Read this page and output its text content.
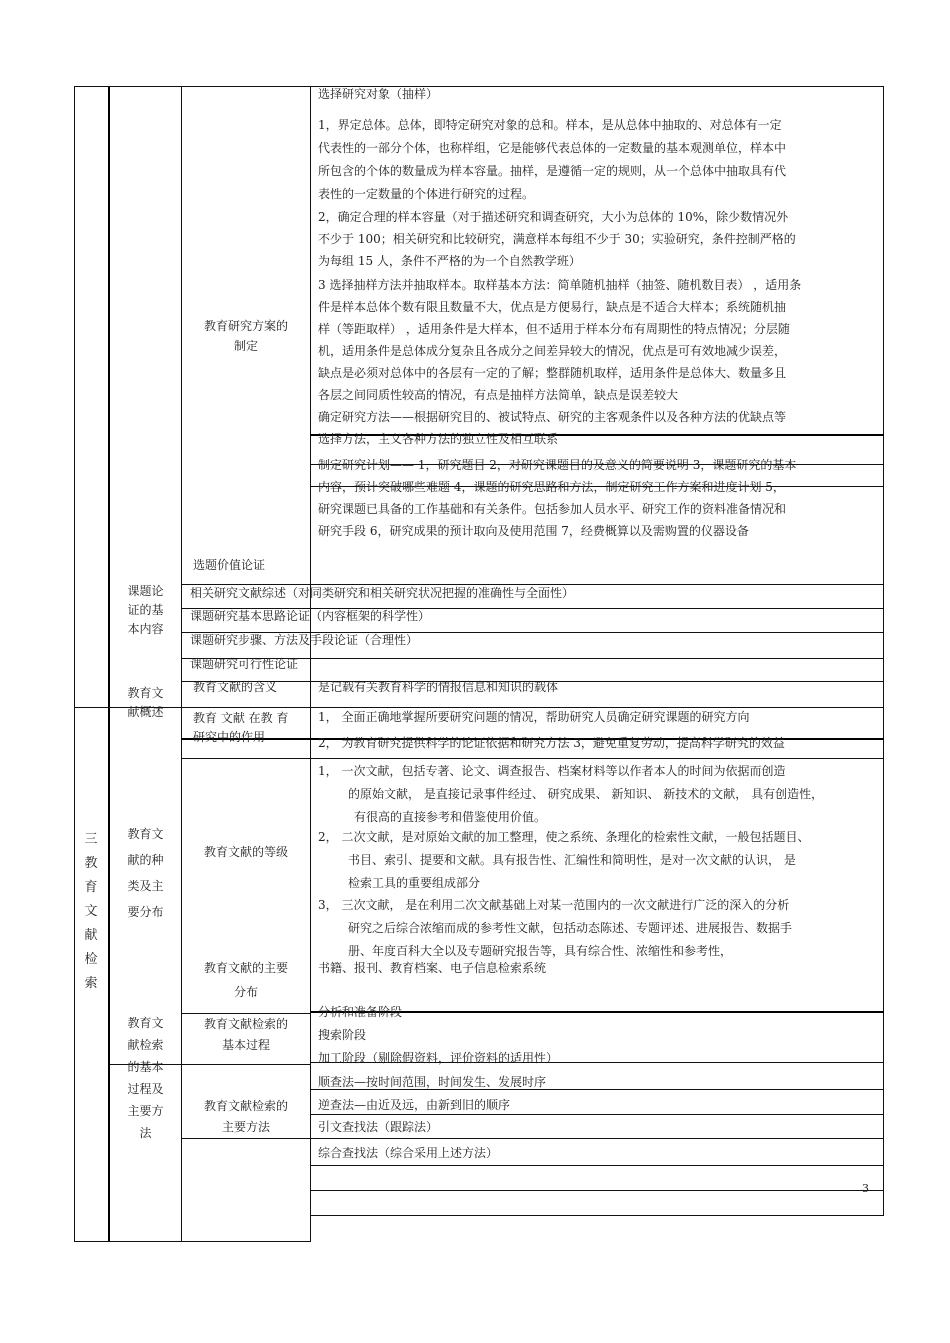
教育研究方案的
制定
选题价值论证
课题论
证的基
本内容
教育文
献概述
教育文献的含义
教育 文献 在教 育
研究中的作用
教育文
献的种
类及主
要分布
教育文献的等级
教育文献的主要
分布
教育文
献检索
的基本
过程及
主要方
法
教育文献检索的
基本过程
教育文献检索的
主要方法
三
教
育
文
献
检
索
选择研究对象（抽样）
1，界定总体。总体，即特定研究对象的总和。样本，是从总体中抽取的、对总体有一定
代表性的一部分个体，也称样组，它是能够代表总体的一定数量的基本观测单位，样本中
所包含的个体的数量成为样本容量。抽样，是遵循一定的规则，从一个总体中抽取具有代
表性的一定数量的个体进行研究的过程。
2，确定合理的样本容量（对于描述研究和调查研究，大小为总体的 10%，除少数情况外
不少于 100；相关研究和比较研究，满意样本每组不少于 30；实验研究，条件控制严格的
为每组 15 人，条件不严格的为一个自然教学班）
3 选择抽样方法并抽取样本。取样基本方法：简单随机抽样（抽签、随机数目表） ，适用条
件是样本总体个数有限且数量不大，优点是方便易行，缺点是不适合大样本；系统随机抽
样（等距取样） ，适用条件是大样本，但不适用于样本分布有周期性的特点情况；分层随
机，适用条件是总体成分复杂且各成分之间差异较大的情况，优点是可有效地减少误差，
缺点是必须对总体中的各层有一定的了解；整群随机取样，适用条件是总体大、数量多且
各层之间同质性较高的情况，有点是抽样方法简单，缺点是误差较大
确定研究方法——根据研究目的、被试特点、研究的主客观条件以及各种方法的优缺点等
选择方法，主义各种方法的独立性及相互联系
制定研究计划—— 1，研究题目 2，对研究课题目的及意义的简要说明 3，课题研究的基本
内容，预计突破哪些难题 4，课题的研究思路和方法，制定研究工作方案和进度计划 5，
研究课题已具备的工作基础和有关条件。包括参加人员水平、研究工作的资料准备情况和
研究手段 6，研究成果的预计取向及使用范围 7，经费概算以及需购置的仪器设备
相关研究文献综述（对同类研究和相关研究状况把握的准确性与全面性）
课题研究基本思路论证（内容框架的科学性）
课题研究步骤、方法及手段论证（合理性）
课题研究可行性论证
是记载有关教育科学的情报信息和知识的载体
1， 全面正确地掌握所要研究问题的情况，帮助研究人员确定研究课题的研究方向
2， 为教育研究提供科学的论证依据和研究方法 3，避免重复劳动，提高科学研究的效益
1， 一次文献，包括专著、论文、调查报告、档案材料等以作者本人的时间为依据而创造
的原始文献， 是直接记录事件经过、 研究成果、 新知识、 新技术的文献， 具有创造性，
有很高的直接参考和借鉴使用价值。
2， 二次文献，是对原始文献的加工整理，使之系统、条理化的检索性文献，一般包括题目、
书目、索引、提要和文献。具有报告性、汇编性和简明性，是对一次文献的认识， 是
检索工具的重要组成部分
3， 三次文献， 是在利用二次文献基础上对某一范围内的一次文献进行广泛的深入的分析
研究之后综合浓缩而成的参考性文献，包括动态陈述、专题评述、进展报告、数据手
册、年度百科大全以及专题研究报告等，具有综合性、浓缩性和参考性，
书籍、报刊、教育档案、电子信息检索系统
分析和准备阶段
搜索阶段
加工阶段（剔除假资料，评价资料的适用性）
顺查法—按时间范围，时间发生、发展时序
逆查法—由近及远，由新到旧的顺序
引文查找法（跟踪法）
综合查找法（综合采用上述方法）
3
